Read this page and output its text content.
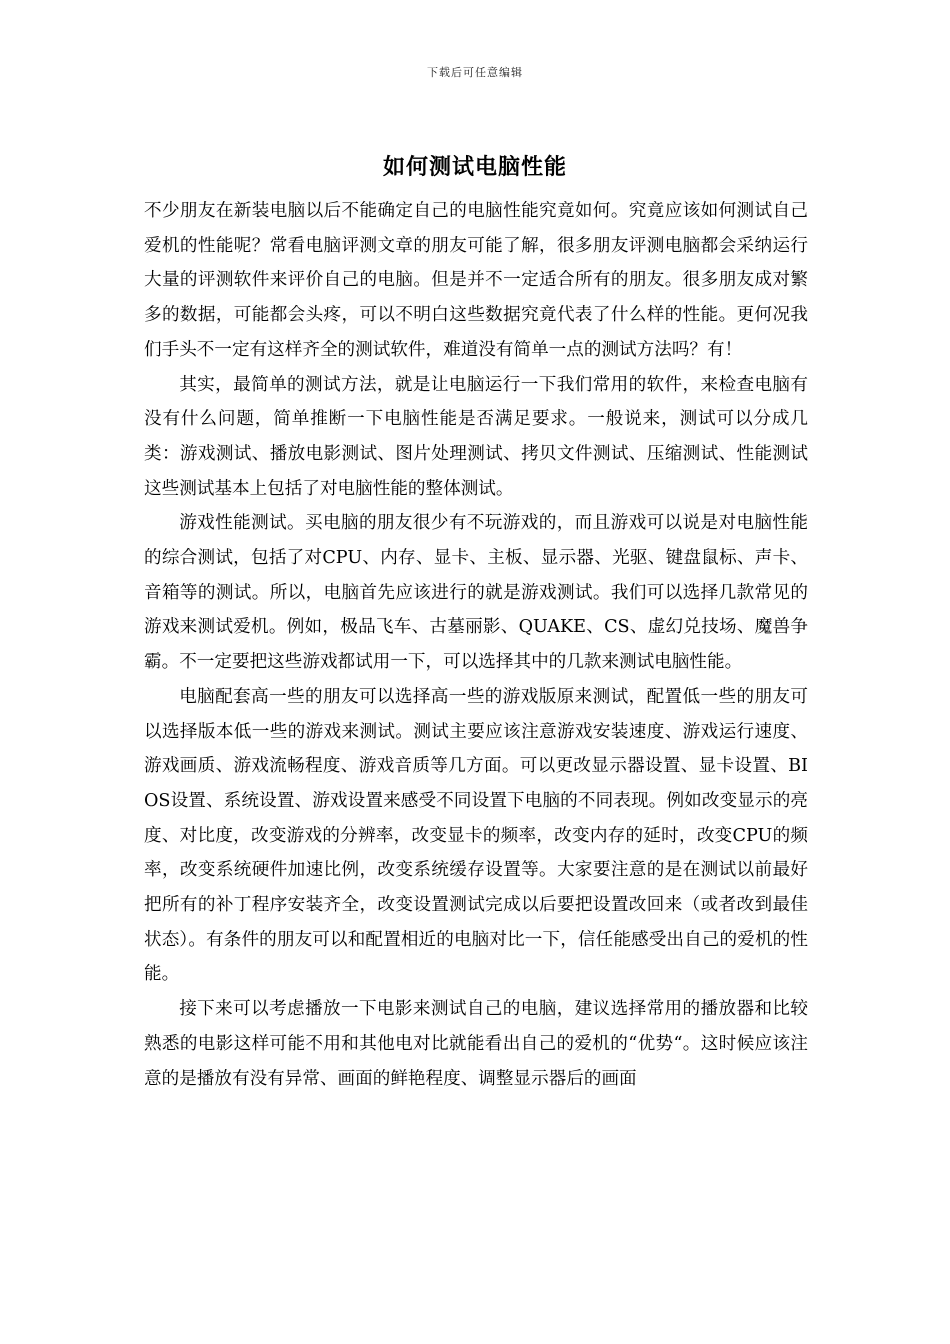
下载后可任意编辑
如何测试电脑性能

不少朋友在新装电脑以后不能确定自己的电脑性能究竟如何。究竟应该如何测试自己爱机的性能呢？常看电脑评测文章的朋友可能了解，很多朋友评测电脑都会采纳运行大量的评测软件来评价自己的电脑。但是并不一定适合所有的朋友。很多朋友成对繁多的数据，可能都会头疼，可以不明白这些数据究竟代表了什么样的性能。更何况我们手头不一定有这样齐全的测试软件，难道没有简单一点的测试方法吗？有！

其实，最简单的测试方法，就是让电脑运行一下我们常用的软件，来检查电脑有没有什么问题，简单推断一下电脑性能是否满足要求。一般说来，测试可以分成几类：游戏测试、播放电影测试、图片处理测试、拷贝文件测试、压缩测试、性能测试这些测试基本上包括了对电脑性能的整体测试。

游戏性能测试。买电脑的朋友很少有不玩游戏的，而且游戏可以说是对电脑性能的综合测试，包括了对CPU、内存、显卡、主板、显示器、光驱、键盘鼠标、声卡、音箱等的测试。所以，电脑首先应该进行的就是游戏测试。我们可以选择几款常见的游戏来测试爱机。例如，极品飞车、古墓丽影、QUAKE、CS、虚幻兑技场、魔兽争霸。不一定要把这些游戏都试用一下，可以选择其中的几款来测试电脑性能。

电脑配套高一些的朋友可以选择高一些的游戏版原来测试，配置低一些的朋友可以选择版本低一些的游戏来测试。测试主要应该注意游戏安装速度、游戏运行速度、游戏画质、游戏流畅程度、游戏音质等几方面。可以更改显示器设置、显卡设置、BIOS设置、系统设置、游戏设置来感受不同设置下电脑的不同表现。例如改变显示的亮度、对比度，改变游戏的分辨率，改变显卡的频率，改变内存的延时，改变CPU的频率，改变系统硬件加速比例，改变系统缓存设置等。大家要注意的是在测试以前最好把所有的补丁程序安装齐全，改变设置测试完成以后要把设置改回来（或者改到最佳状态）。有条件的朋友可以和配置相近的电脑对比一下，信任能感受出自己的爱机的性能。

接下来可以考虑播放一下电影来测试自己的电脑，建议选择常用的播放器和比较熟悉的电影这样可能不用和其他电对比就能看出自己的爱机的“优势“。这时候应该注意的是播放有没有异常、画面的鲜艳程度、调整显示器后的画面
